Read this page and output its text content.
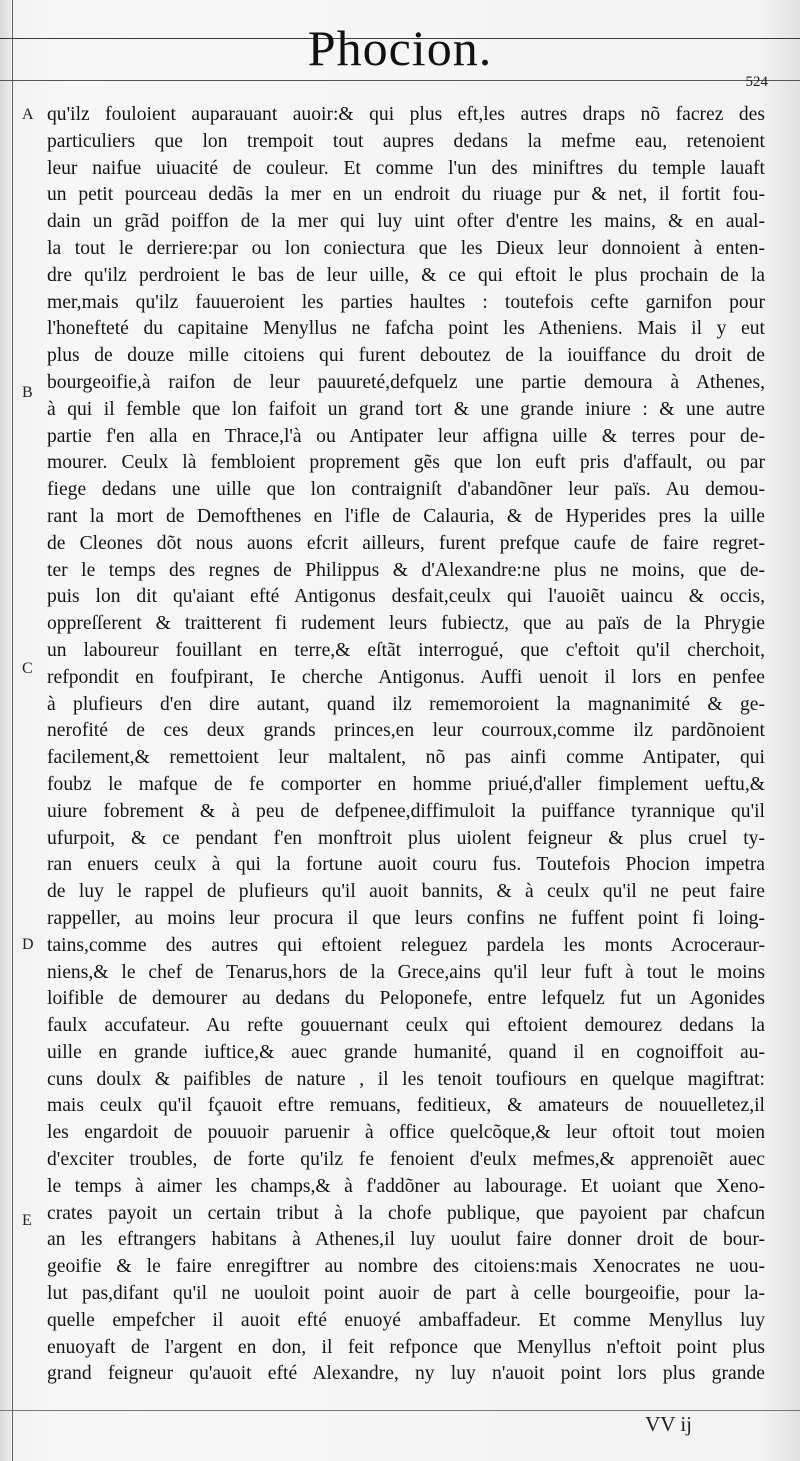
Phocion.
524
A
B
C
D
E
qu'ilz fouloient auparauant auoir:& qui plus eft,les autres draps nõ facrez des
particuliers que lon trempoit tout aupres dedans la mefme eau, retenoient
leur naifue uiuacité de couleur. Et comme l'un des miniftres du temple lauaft
un petit pourceau dedãs la mer en un endroit du riuage pur & net, il fortit fou-
dain un grãd poiffon de la mer qui luy uint ofter d'entre les mains, & en aual-
la tout le derriere:par ou lon coniectura que les Dieux leur donnoient à enten-
dre qu'ilz perdroient le bas de leur uille, & ce qui eftoit le plus prochain de la
mer,mais qu'ilz fauueroient les parties haultes : toutefois cefte garnifon pour
l'honefteté du capitaine Menyllus ne fafcha point les Atheniens. Mais il y eut
plus de douze mille citoiens qui furent deboutez de la iouiffance du droit de
bourgeoifie,à raifon de leur pauureté,defquelz une partie demoura à Athenes,
à qui il femble que lon faifoit un grand tort & une grande iniure : & une autre
partie f'en alla en Thrace,l'à ou Antipater leur affigna uille & terres pour de-
mourer. Ceulx là fembloient proprement gẽs que lon euft pris d'affault, ou par
fiege dedans une uille que lon contraigniſt d'abandõner leur païs. Au demou-
rant la mort de Demofthenes en l'ifle de Calauria, & de Hyperides pres la uille
de Cleones dõt nous auons efcrit ailleurs, furent prefque caufe de faire regret-
ter le temps des regnes de Philippus & d'Alexandre:ne plus ne moins, que de-
puis lon dit qu'aiant efté Antigonus desfait,ceulx qui l'auoiẽt uaincu & occis,
oppreſſerent & traitterent fi rudement leurs fubiectz, que au païs de la Phrygie
un laboureur fouillant en terre,& eſtãt interrogué, que c'eftoit qu'il cherchoit,
refpondit en foufpirant, Ie cherche Antigonus. Auffi uenoit il lors en penfee
à plufieurs d'en dire autant, quand ilz rememoroient la magnanimité & ge-
nerofité de ces deux grands princes,en leur courroux,comme ilz pardõnoient
facilement,& remettoient leur maltalent, nõ pas ainfi comme Antipater, qui
foubz le mafque de fe comporter en homme priué,d'aller fimplement ueftu,&
uiure fobrement & à peu de defpenee,diffimuloit la puiffance tyrannique qu'il
ufurpoit, & ce pendant f'en monftroit plus uiolent feigneur & plus cruel ty-
ran enuers ceulx à qui la fortune auoit couru fus. Toutefois Phocion impetra
de luy le rappel de plufieurs qu'il auoit bannits, & à ceulx qu'il ne peut faire
rappeller, au moins leur procura il que leurs confins ne fuffent point fi loing-
tains,comme des autres qui eftoient releguez pardela les monts Acroceraur-
niens,& le chef de Tenarus,hors de la Grece,ains qu'il leur fuft à tout le moins
loifible de demourer au dedans du Peloponefe, entre lefquelz fut un Agonides
faulx accufateur. Au refte gouuernant ceulx qui eftoient demourez dedans la
uille en grande iuftice,& auec grande humanité, quand il en cognoiffoit au-
cuns doulx & paifibles de nature , il les tenoit toufiours en quelque magiftrat:
mais ceulx qu'il fçauoit eftre remuans, feditieux, & amateurs de nouuelletez,il
les engardoit de pouuoir paruenir à office quelcõque,& leur oftoit tout moien
d'exciter troubles, de forte qu'ilz fe fenoient d'eulx mefmes,& apprenoiẽt auec
le temps à aimer les champs,& à f'addõner au labourage. Et uoiant que Xeno-
crates payoit un certain tribut à la chofe publique, que payoient par chafcun
an les eftrangers habitans à Athenes,il luy uoulut faire donner droit de bour-
geoifie & le faire enregiftrer au nombre des citoiens:mais Xenocrates ne uou-
lut pas,difant qu'il ne uouloit point auoir de part à celle bourgeoifie, pour la-
quelle empefcher il auoit efté enuoyé ambaffadeur. Et comme Menyllus luy
enuoyaft de l'argent en don, il feit refponce que Menyllus n'eftoit point plus
grand feigneur qu'auoit efté Alexandre, ny luy n'auoit point lors plus grande
VV ij
